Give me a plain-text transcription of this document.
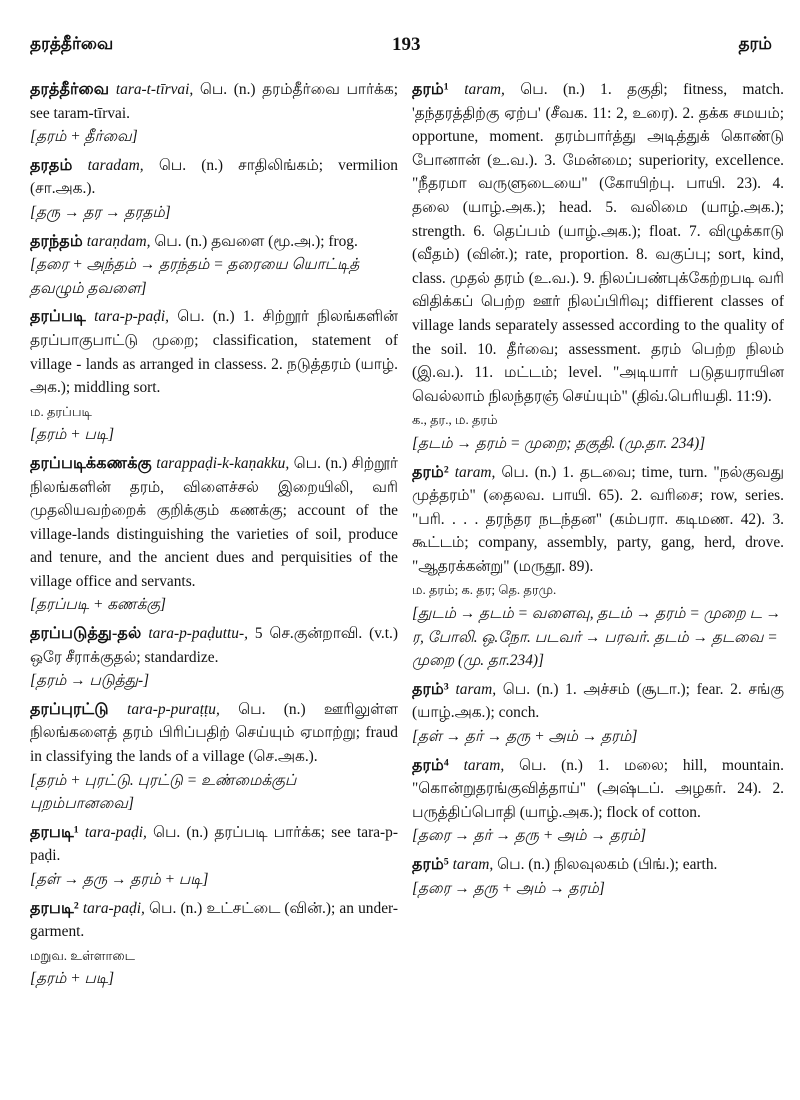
தரத்தீர்வை	193	தரம்

தரத்தீர்வை tara-t-tīrvai, பெ. (n.) தரம்தீர்வை பார்க்க; see taram-tīrvai.

[தரம் + தீர்வை]

தரதம் taradam, பெ. (n.) சாதிலிங்கம்; vermilion (சா.அக.).

[தரு → தர → தரதம்]

தரந்தம் taraṇdam, பெ. (n.) தவளை (மூ.அ.); frog.

[தரை + அந்தம் → தரந்தம் = தரையை யொட்டித் தவழும் தவளை]

தரப்படி tara-p-paḍi, பெ. (n.) 1. சிற்றூர் நிலங்களின் தரப்பாகுபாட்டு முறை; classification, statement of village - lands as arranged in classess. 2. நடுத்தரம் (யாழ். அக.); middling sort.

ம. தரப்படி

[தரம் + படி]

தரப்படிக்கணக்கு tarappaḍi-k-kaṇakku, பெ. (n.) சிற்றூர் நிலங்களின் தரம், விளைச்சல் இறையிலி, வரி முதலியவற்றைக் குறிக்கும் கணக்கு; account of the village-lands distinguishing the varieties of soil, produce and tenure, and the ancient dues and perquisities of the village office and servants.

[தரப்படி + கணக்கு]

தரப்படுத்து-தல் tara-p-paḍuttu-, 5 செ.குன்றாவி. (v.t.) ஒரே சீராக்குதல்; standardize.

[தரம் → படுத்து-]

தரப்புரட்டு tara-p-puraṭṭu, பெ. (n.) ஊரிலுள்ள நிலங்களைத் தரம் பிரிப்பதிற் செய்யும் ஏமாற்று; fraud in classifying the lands of a village (செ.அக.).

[தரம் + புரட்டு. புரட்டு = உண்மைக்குப் புறம்பானவை]

தரபடி¹ tara-paḍi, பெ. (n.) தரப்படி பார்க்க; see tara-p-paḍi.

[தள் → தரு → தரம் + படி]

தரபடி² tara-paḍi, பெ. (n.) உட்சட்டை (வின்.); an under-garment.

மறுவ. உள்ளாடை

[தரம் + படி]

தரம்¹ taram, பெ. (n.) 1. தகுதி; fitness, match. 'தந்தரத்திற்கு ஏற்ப' (சீவக. 11: 2, உரை). 2. தக்க சமயம்; opportune, moment. தரம்பார்த்து அடித்துக் கொண்டு போனான் (உ.வ.). 3. மேன்மை; superiority, excellence. "நீதரமா வருளுடையை" (கோயிற்பு. பாயி. 23). 4. தலை (யாழ்.அக.); head. 5. வலிமை (யாழ்.அக.); strength. 6. தெப்பம் (யாழ்.அக.); float. 7. விழுக்காடு (வீதம்) (வின்.); rate, proportion. 8. வகுப்பு; sort, kind, class. முதல் தரம் (உ.வ.). 9. நிலப்பண்புக்கேற்றபடி வரி விதிக்கப் பெற்ற ஊர் நிலப்பிரிவு; diffierent classes of village lands separately assessed according to the quality of the soil. 10. தீர்வை; assessment. தரம் பெற்ற நிலம் (இ.வ.). 11. மட்டம்; level. "அடியார் படுதயராயின வெல்லாம் நிலந்தரஞ் செய்யும்" (திவ்.பெரியதி. 11:9).

க., தர., ம. தரம்

[தடம் → தரம் = முறை; தகுதி. (மு.தா. 234)]

தரம்² taram, பெ. (n.) 1. தடவை; time, turn. "நல்குவது முத்தரம்" (தைலவ. பாயி. 65). 2. வரிசை; row, series. "பரி. . . . தரந்தர நடந்தன" (கம்பரா. கடிமண. 42). 3. கூட்டம்; company, assembly, party, gang, herd, drove. "ஆதரக்கன்று" (மருதூ. 89).

ம. தரம்; க. தர; தெ. தரமு.

[துடம் → தடம் = வளைவு, தடம் → தரம் = முறை ட → ர, போலி. ஒ.நோ. படவர் → பரவர். தடம் → தடவை = முறை (மு. தா.234)]

தரம்³ taram, பெ. (n.) 1. அச்சம் (சூடா.); fear. 2. சங்கு (யாழ்.அக.); conch.

[தள் → தர் → தரு + அம் → தரம்]

தரம்⁴ taram, பெ. (n.) 1. மலை; hill, mountain. "கொன்றுதரங்குவித்தாய்" (அஷ்டப். அழகர். 24). 2. பருத்திப்பொதி (யாழ்.அக.); flock of cotton.

[தரை → தர் → தரு + அம் → தரம்]

தரம்⁵ taram, பெ. (n.) நிலவுலகம் (பிங்.); earth.

[தரை → தரு + அம் → தரம்]
